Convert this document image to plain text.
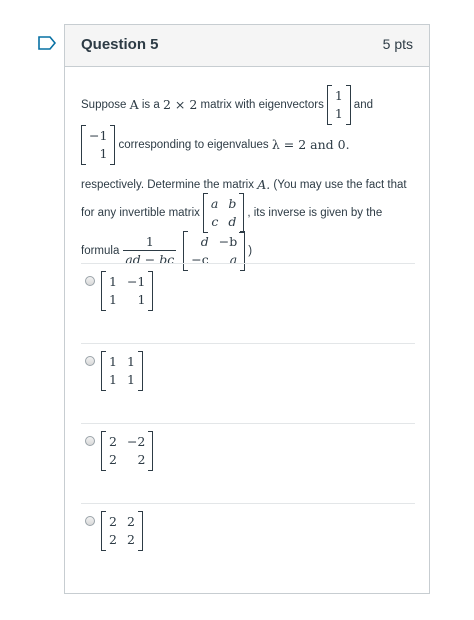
Question 5	5 pts
Suppose
A
is a
2 × 2
matrix with eigenvectors
1
1
and
−1
1
corresponding to eigenvalues
λ = 2 and 0.
respectively. Determine the matrix
A.
(You may use the fact that
for any invertible matrix
a b
c d
, its inverse is given by the
formula $\frac{1}{ad - bc}$	d −b
−c	a
)
1 −1
1	1
1 1
1 1
2 −2
2	2
2 2
2 2
